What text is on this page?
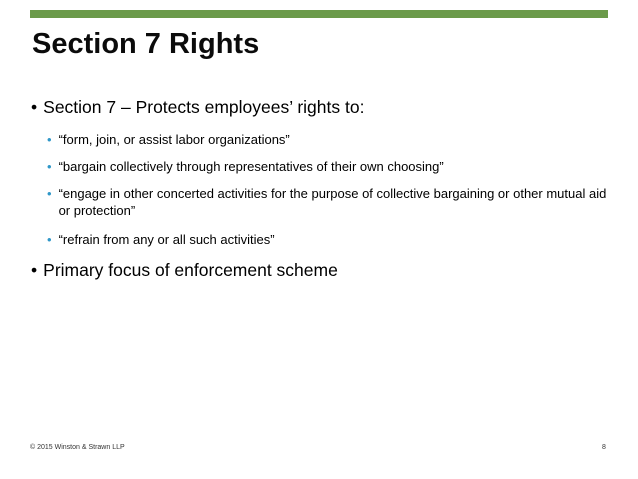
Section 7 Rights
• Section 7 – Protects employees’ rights to:
• “form, join, or assist labor organizations”
• “bargain collectively through representatives of their own choosing”
• “engage in other concerted activities for the purpose of collective bargaining or other mutual aid or protection”
• “refrain from any or all such activities”
• Primary focus of enforcement scheme
© 2015 Winston & Strawn LLP	8
